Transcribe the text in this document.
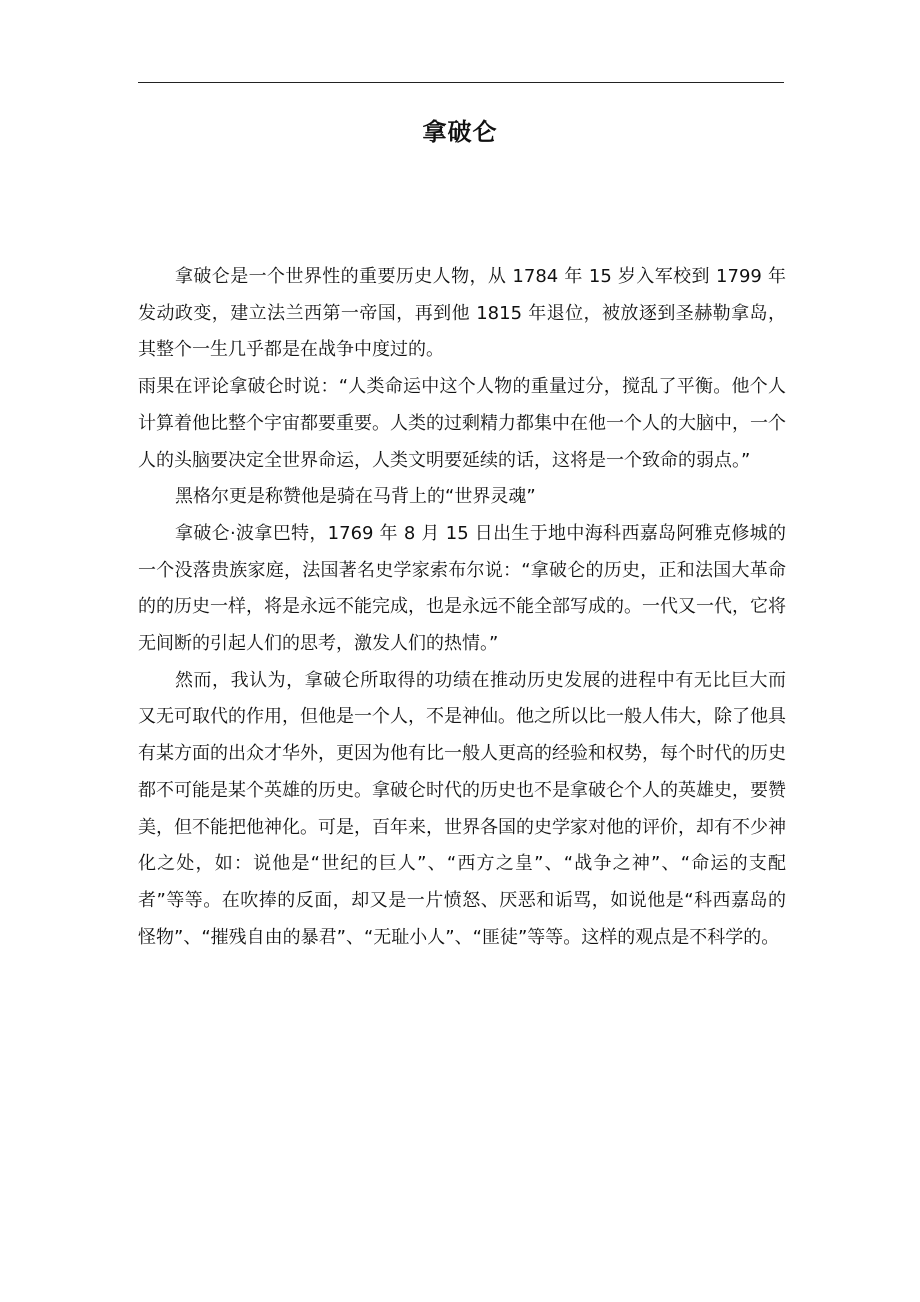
拿破仑

拿破仑是一个世界性的重要历史人物，从 1784 年 15 岁入军校到 1799 年发动政变，建立法兰西第一帝国，再到他 1815 年退位，被放逐到圣赫勒拿岛，其整个一生几乎都是在战争中度过的。

雨果在评论拿破仑时说：“人类命运中这个人物的重量过分，搅乱了平衡。他个人计算着他比整个宇宙都要重要。人类的过剩精力都集中在他一个人的大脑中，一个人的头脑要决定全世界命运，人类文明要延续的话，这将是一个致命的弱点。”

黑格尔更是称赞他是骑在马背上的“世界灵魂”

拿破仑·波拿巴特，1769 年 8 月 15 日出生于地中海科西嘉岛阿雅克修城的一个没落贵族家庭，法国著名史学家索布尔说：“拿破仑的历史，正和法国大革命的的历史一样，将是永远不能完成，也是永远不能全部写成的。一代又一代，它将无间断的引起人们的思考，激发人们的热情。”

然而，我认为，拿破仑所取得的功绩在推动历史发展的进程中有无比巨大而又无可取代的作用，但他是一个人，不是神仙。他之所以比一般人伟大，除了他具有某方面的出众才华外，更因为他有比一般人更高的经验和权势，每个时代的历史都不可能是某个英雄的历史。拿破仑时代的历史也不是拿破仑个人的英雄史，要赞美，但不能把他神化。可是，百年来，世界各国的史学家对他的评价，却有不少神化之处，如：说他是“世纪的巨人”、“西方之皇”、“战争之神”、“命运的支配者”等等。在吹捧的反面，却又是一片愤怒、厌恶和诟骂，如说他是“科西嘉岛的怪物”、“摧残自由的暴君”、“无耻小人”、“匪徒”等等。这样的观点是不科学的。
